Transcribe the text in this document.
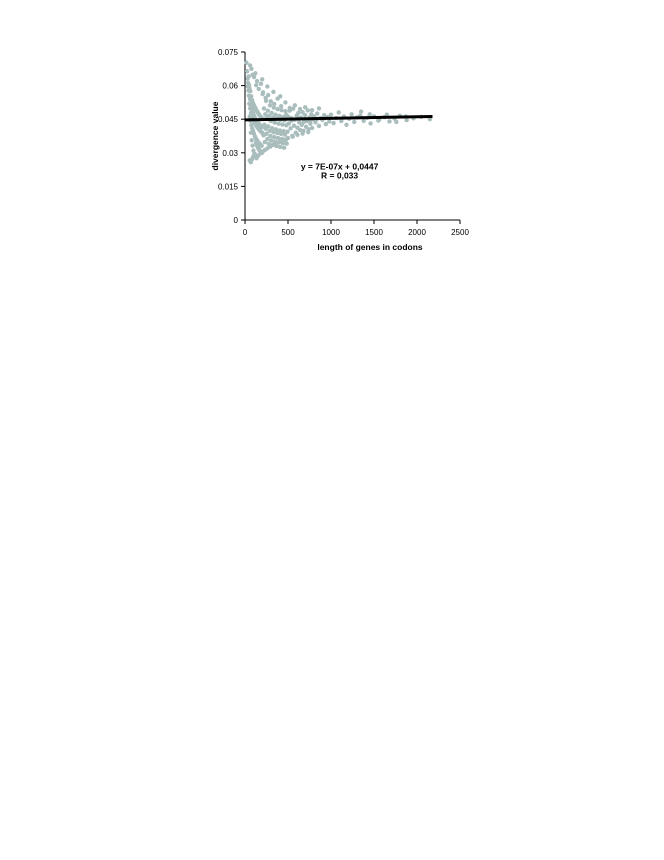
0
0.015
0.03
0.045
0.06
0.075
0	500	1000	1500	2000	2500
y = 7E-07x + 0,0447
R = 0,033
length of genes in codons
divergence value
